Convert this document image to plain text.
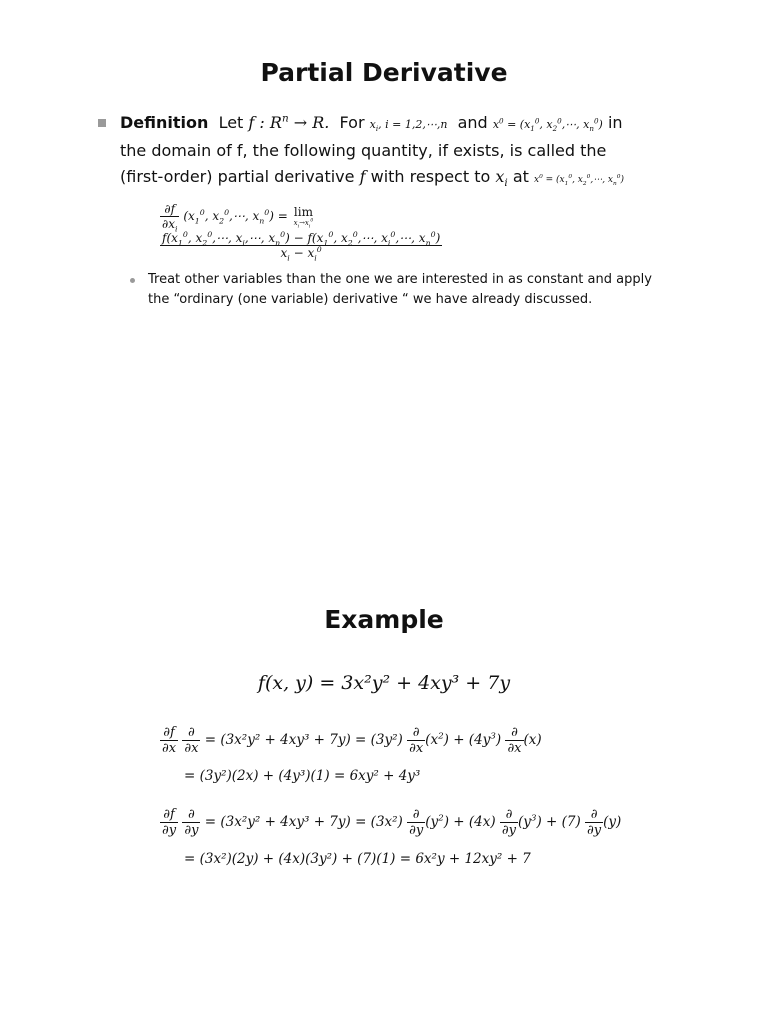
Partial Derivative
Definition Let f : $R^n \to R$. For $x_i$, i = 1,2,⋯,n and $x^0 = (x_1^0$, $x_2^0,\cdots$, $x_n^0$) in
the domain of f, the following quantity, if exists, is called the
(first-order) partial derivative f with respect to $x_i$ at $x^0 = (x_1^0$, $x_2^0,\cdots$, $x_n^0$)
$\frac{\partial f}{\partial x_i} (x_1^0$, $x_2^0,\cdots$, $x_n^0) = \lim$
$x_i\to x_i^0$

$\frac{f(x_1^0, x_2^0,\cdots, x_i,\cdots, x_n^0) - f(x_1^0, x_2^0,\cdots, x_i^0,\cdots, x_n^0)}{x_i - x_i^0}$
Treat other variables than the one we are interested in as constant and apply the “ordinary (one variable) derivative “ we have already discussed.
Example
f(x, y) = 3x²y² + 4xy³ + 7y
$\frac{\partial f}{\partial x}$
$\frac{\partial}{\partial x} = (3x^2y^2 + 4xy^3 + 7y) = (3y^2) \frac{\partial}{\partial x} (x^2) + (4y^3) \frac{\partial}{\partial x} (x)$
= (3y²)(2x) + (4y³)(1) = 6xy² + 4y³
$\frac{\partial f}{\partial y}$
$\frac{\partial}{\partial y} = (3x^2y^2 + 4xy^3 + 7y) = (3x^2) \frac{\partial}{\partial y} (y^2) + (4x) \frac{\partial}{\partial y} (y^3) + (7) \frac{\partial}{\partial y} (y)$
= (3x²)(2y) + (4x)(3y²) + (7)(1) = 6x²y + 12xy² + 7
